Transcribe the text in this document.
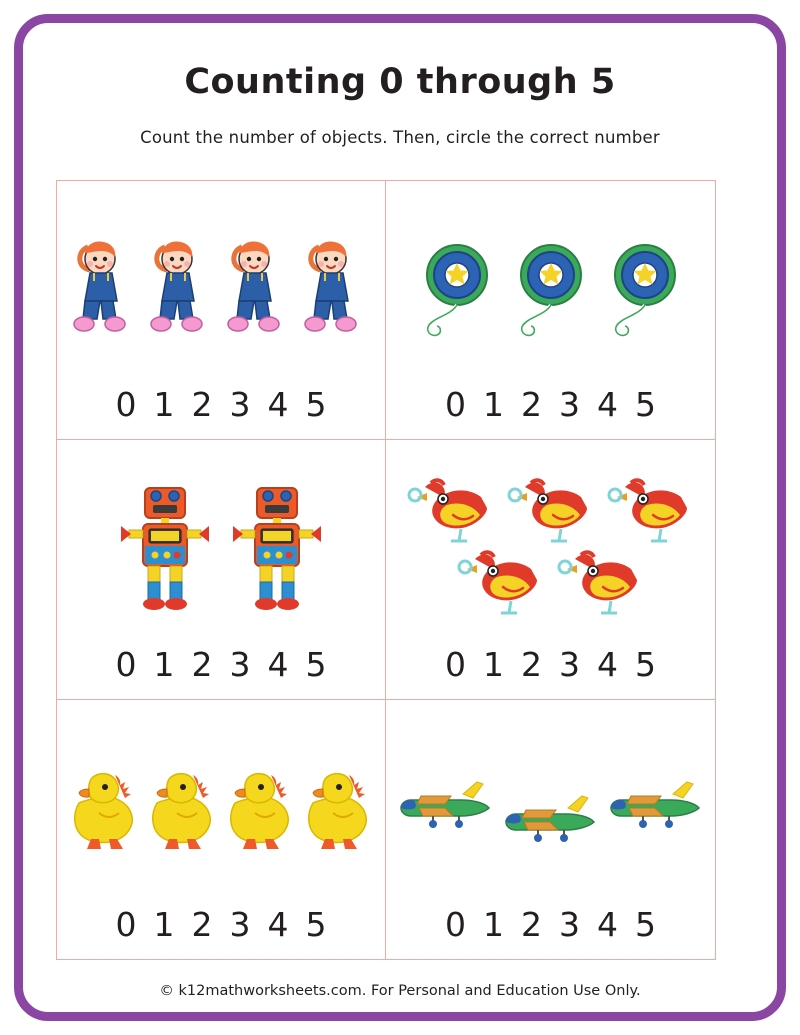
Counting 0 through 5
Count the number of objects. Then, circle the correct number
0 1 2 3 4 5	0 1 2 3 4 5
0 1 2 3 4 5	0 1 2 3 4 5
0 1 2 3 4 5	0 1 2 3 4 5
© k12mathworksheets.com. For Personal and Education Use Only.
